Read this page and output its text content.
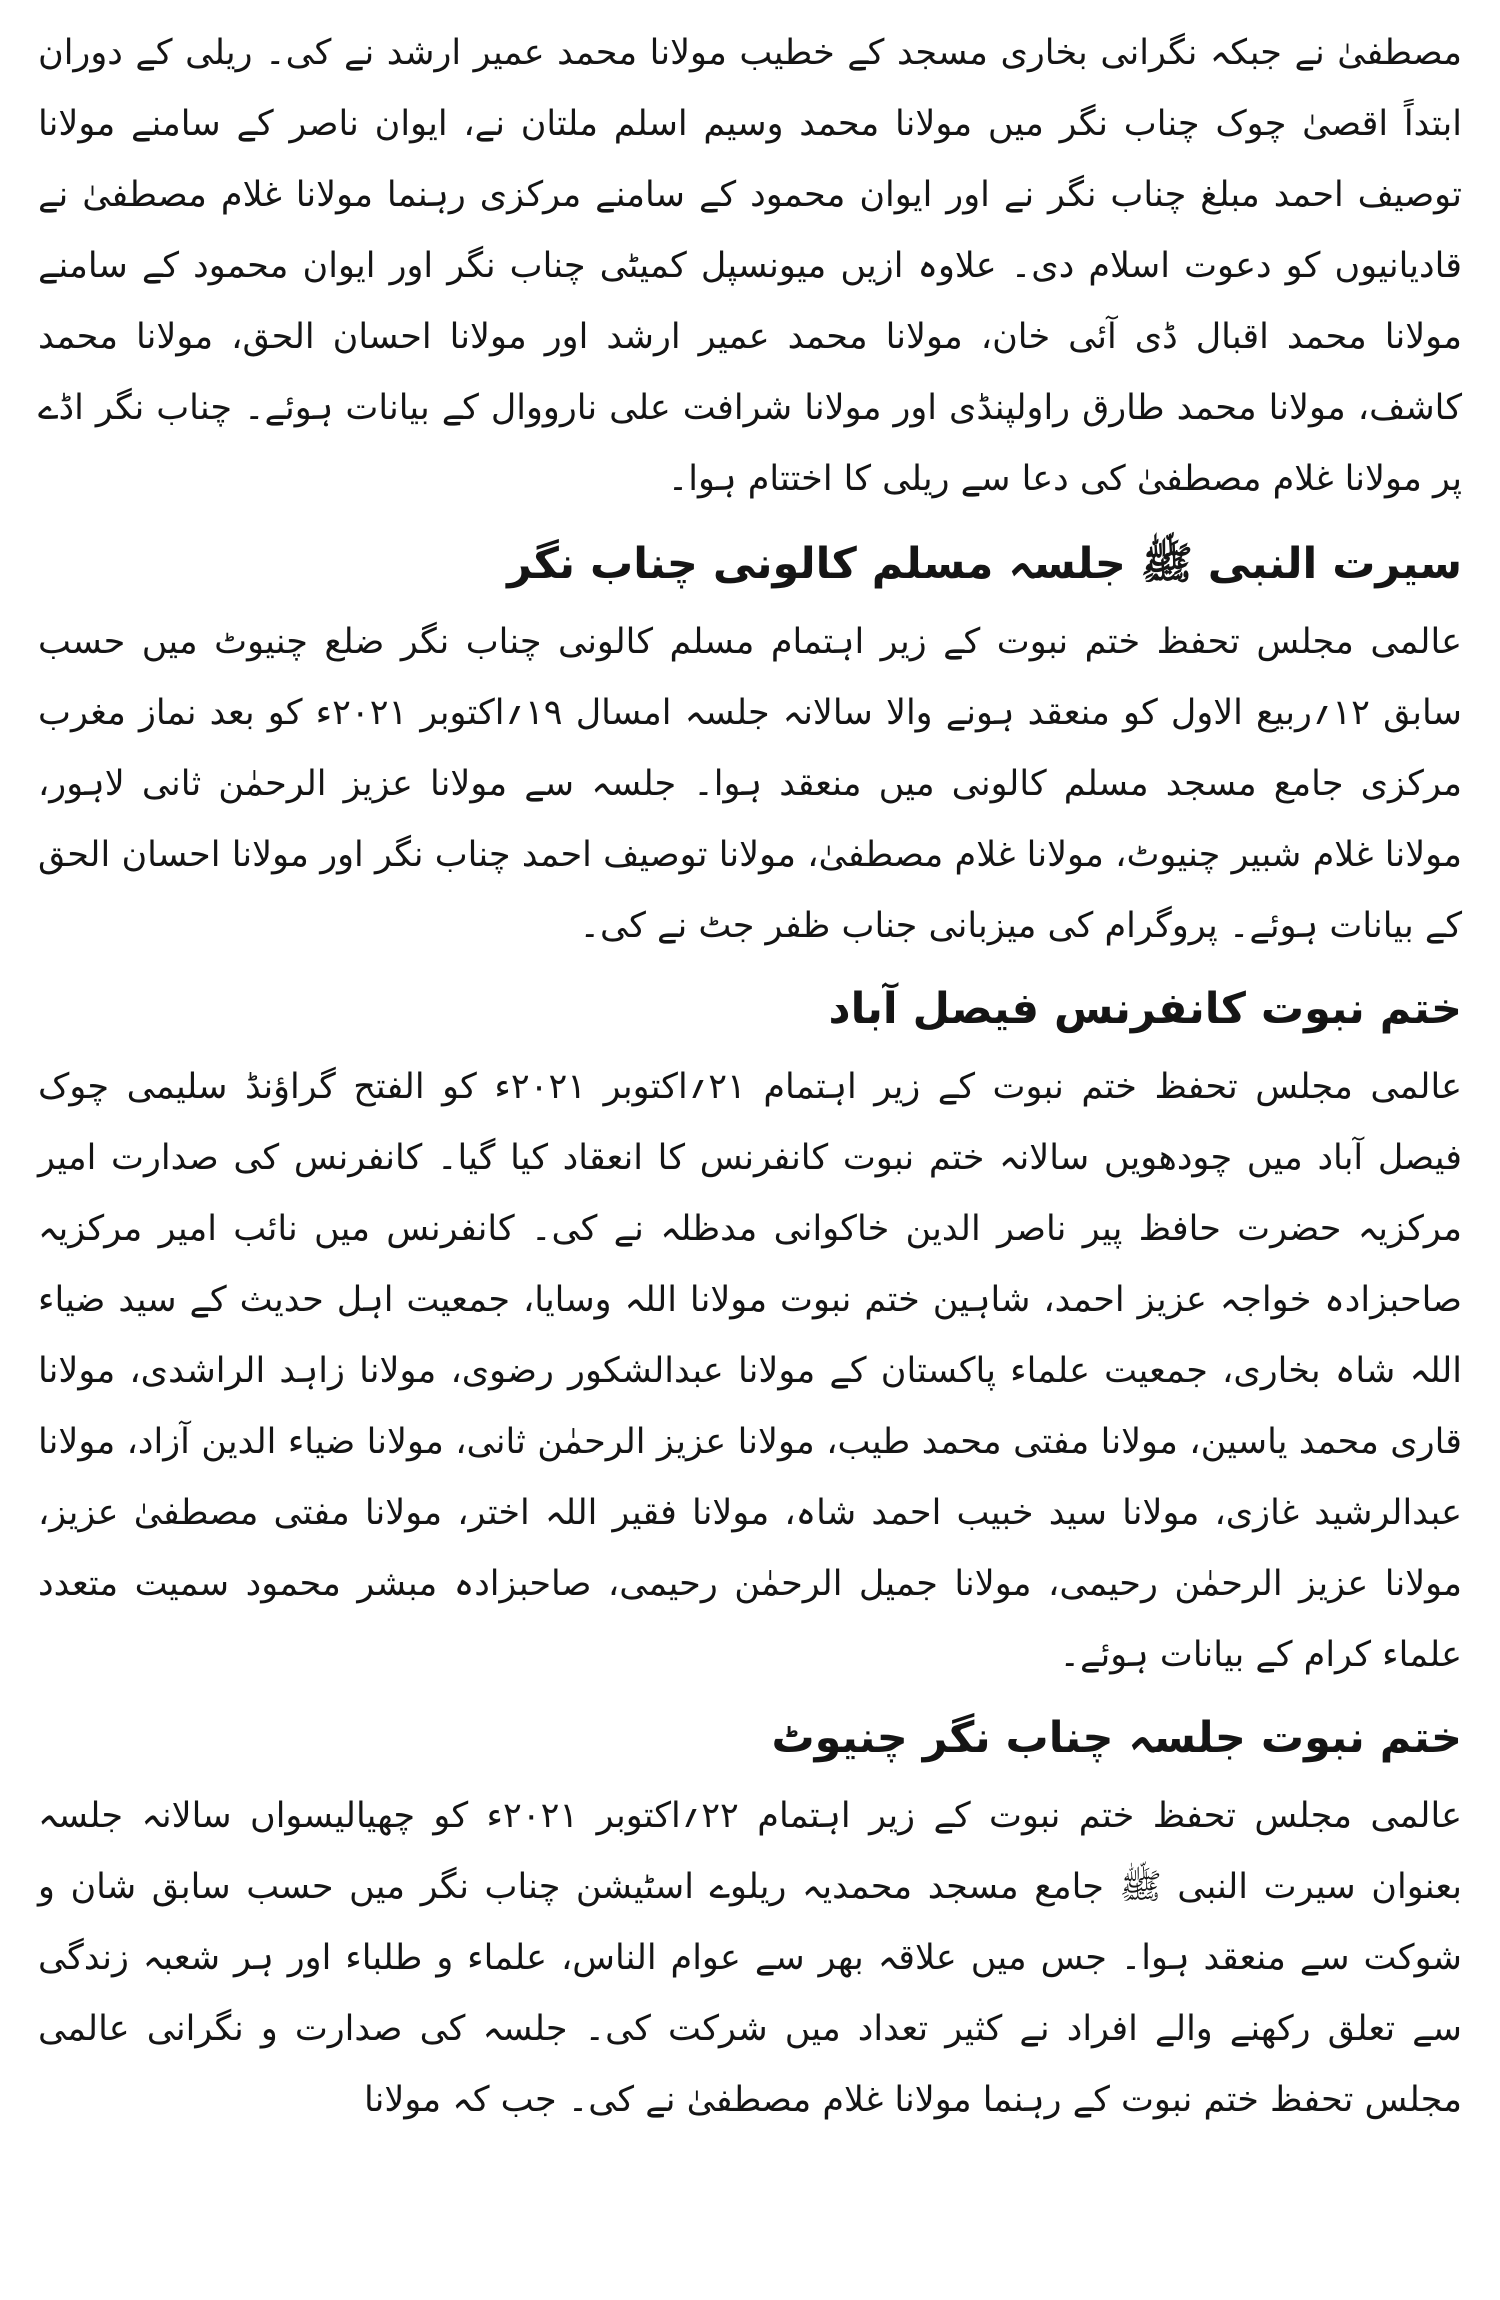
مصطفیٰ نے جبکہ نگرانی بخاری مسجد کے خطیب مولانا محمد عمیر ارشد نے کی۔ ریلی کے دوران ابتداً اقصیٰ چوک چناب نگر میں مولانا محمد وسیم اسلم ملتان نے، ایوان ناصر کے سامنے مولانا توصیف احمد مبلغ چناب نگر نے اور ایوان محمود کے سامنے مرکزی رہنما مولانا غلام مصطفیٰ نے قادیانیوں کو دعوت اسلام دی۔ علاوہ ازیں میونسپل کمیٹی چناب نگر اور ایوان محمود کے سامنے مولانا محمد اقبال ڈی آئی خان، مولانا محمد عمیر ارشد اور مولانا احسان الحق، مولانا محمد کاشف، مولانا محمد طارق راولپنڈی اور مولانا شرافت علی نارووال کے بیانات ہوئے۔ چناب نگر اڈے پر مولانا غلام مصطفیٰ کی دعا سے ریلی کا اختتام ہوا۔

سیرت النبی ﷺ جلسہ مسلم کالونی چناب نگر

عالمی مجلس تحفظ ختم نبوت کے زیر اہتمام مسلم کالونی چناب نگر ضلع چنیوٹ میں حسب سابق ۱۲؍ربیع الاول کو منعقد ہونے والا سالانہ جلسہ امسال ۱۹؍اکتوبر ۲۰۲۱ء کو بعد نماز مغرب مرکزی جامع مسجد مسلم کالونی میں منعقد ہوا۔ جلسہ سے مولانا عزیز الرحمٰن ثانی لاہور، مولانا غلام شبیر چنیوٹ، مولانا غلام مصطفیٰ، مولانا توصیف احمد چناب نگر اور مولانا احسان الحق کے بیانات ہوئے۔ پروگرام کی میزبانی جناب ظفر جٹ نے کی۔

ختم نبوت کانفرنس فیصل آباد

عالمی مجلس تحفظ ختم نبوت کے زیر اہتمام ۲۱؍اکتوبر ۲۰۲۱ء کو الفتح گراؤنڈ سلیمی چوک فیصل آباد میں چودھویں سالانہ ختم نبوت کانفرنس کا انعقاد کیا گیا۔ کانفرنس کی صدارت امیر مرکزیہ حضرت حافظ پیر ناصر الدین خاکوانی مدظلہ نے کی۔ کانفرنس میں نائب امیر مرکزیہ صاحبزادہ خواجہ عزیز احمد، شاہین ختم نبوت مولانا اللہ وسایا، جمعیت اہل حدیث کے سید ضیاء اللہ شاہ بخاری، جمعیت علماء پاکستان کے مولانا عبدالشکور رضوی، مولانا زاہد الراشدی، مولانا قاری محمد یاسین، مولانا مفتی محمد طیب، مولانا عزیز الرحمٰن ثانی، مولانا ضیاء الدین آزاد، مولانا عبدالرشید غازی، مولانا سید خبیب احمد شاہ، مولانا فقیر اللہ اختر، مولانا مفتی مصطفیٰ عزیز، مولانا عزیز الرحمٰن رحیمی، مولانا جمیل الرحمٰن رحیمی، صاحبزادہ مبشر محمود سمیت متعدد علماء کرام کے بیانات ہوئے۔

ختم نبوت جلسہ چناب نگر چنیوٹ

عالمی مجلس تحفظ ختم نبوت کے زیر اہتمام ۲۲؍اکتوبر ۲۰۲۱ء کو چھیالیسواں سالانہ جلسہ بعنوان سیرت النبی ﷺ جامع مسجد محمدیہ ریلوے اسٹیشن چناب نگر میں حسب سابق شان و شوکت سے منعقد ہوا۔ جس میں علاقہ بھر سے عوام الناس، علماء و طلباء اور ہر شعبہ زندگی سے تعلق رکھنے والے افراد نے کثیر تعداد میں شرکت کی۔ جلسہ کی صدارت و نگرانی عالمی مجلس تحفظ ختم نبوت کے رہنما مولانا غلام مصطفیٰ نے کی۔ جب کہ مولانا
